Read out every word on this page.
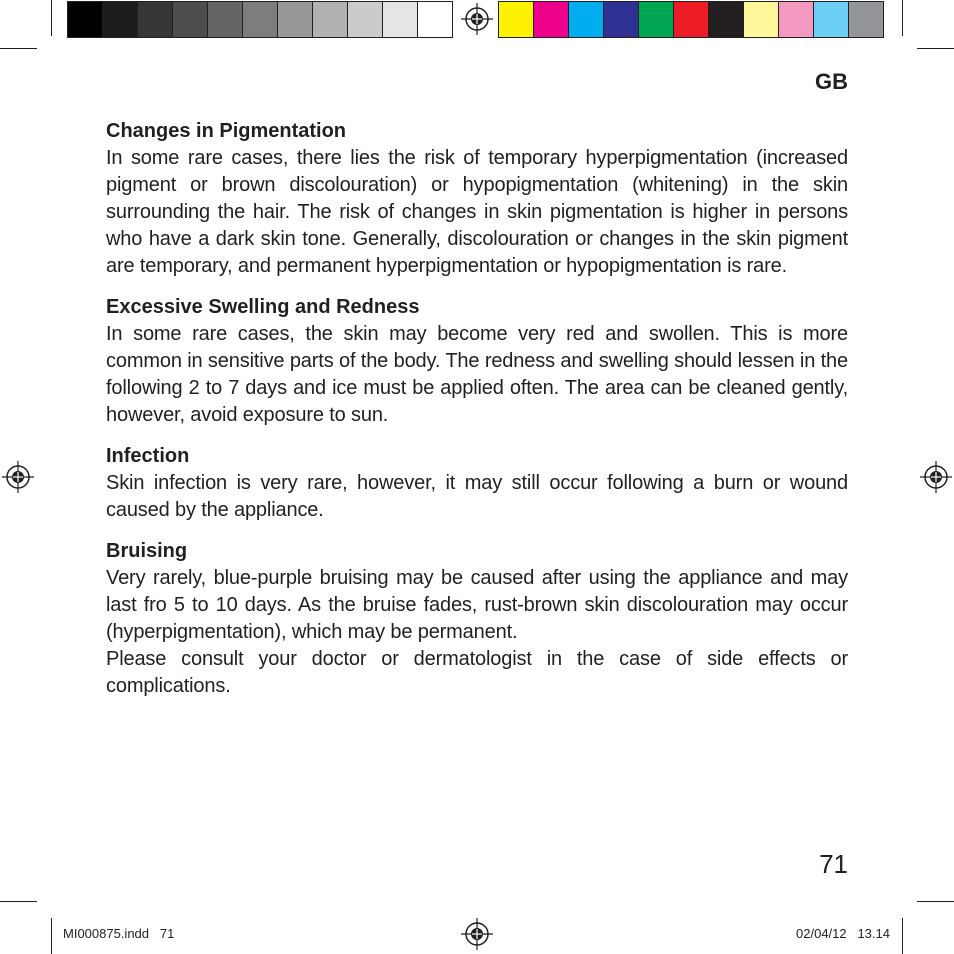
GB

Changes in Pigmentation

In some rare cases, there lies the risk of temporary hyperpigmentation (increased pigment or brown discolouration) or hypopigmentation (whitening) in the skin surrounding the hair. The risk of changes in skin pigmentation is higher in persons who have a dark skin tone. Generally, discolouration or changes in the skin pigment are temporary, and permanent hyperpigmentation or hypopigmentation is rare.

Excessive Swelling and Redness

In some rare cases, the skin may become very red and swollen. This is more common in sensitive parts of the body. The redness and swelling should lessen in the following 2 to 7 days and ice must be applied often. The area can be cleaned gently, however, avoid exposure to sun.

Infection

Skin infection is very rare, however, it may still occur following a burn or wound caused by the appliance.

Bruising

Very rarely, blue-purple bruising may be caused after using the appliance and may last fro 5 to 10 days. As the bruise fades, rust-brown skin discolouration may occur (hyperpigmentation), which may be permanent.

Please consult your doctor or dermatologist in the case of side effects or complications.

71

MI000875.indd   71	02/04/12   13.14
